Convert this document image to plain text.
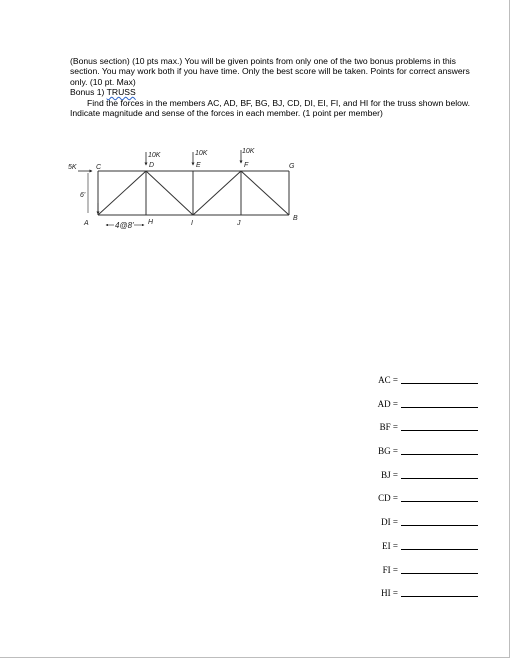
(Bonus section) (10 pts max.) You will be given points from only one of the two bonus problems in this section. You may work both if you have time. Only the best score will be taken. Points for correct answers only. (10 pt. Max)

Bonus 1) TRUSS

Find the forces in the members AC, AD, BF, BG, BJ, CD, DI, EI, FI, and HI for the truss shown below. Indicate magnitude and sense of the forces in each member. (1 point per member)

10K	10K	10K
5K
6'
4@8'
A
B
C	D	E	F	G
H	I	J
AC =
AD =
BF =
BG =
BJ =
CD =
DI =
EI =
FI =
HI =
